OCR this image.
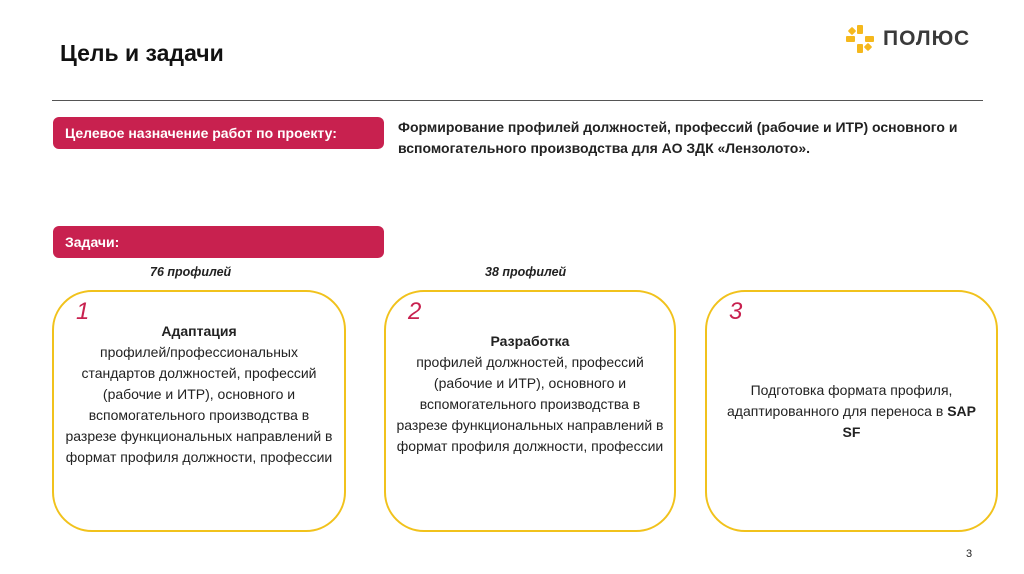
Цель и задачи
ПОЛЮС
Целевое назначение работ по проекту:	Формирование профилей должностей, профессий (рабочие и ИТР) основного и вспомогательного производства для АО ЗДК «Лензолото».
Задачи:
76 профилей	38 профилей
1
Адаптация
профилей/профессиональных стандартов должностей, профессий (рабочие и ИТР), основного и вспомогательного производства в разрезе функциональных направлений в формат профиля должности, профессии
2
Разработка
профилей должностей, профессий (рабочие и ИТР), основного и вспомогательного производства в разрезе функциональных направлений в формат профиля должности, профессии
3
Подготовка формата профиля, адаптированного для переноса в SAP SF
3
